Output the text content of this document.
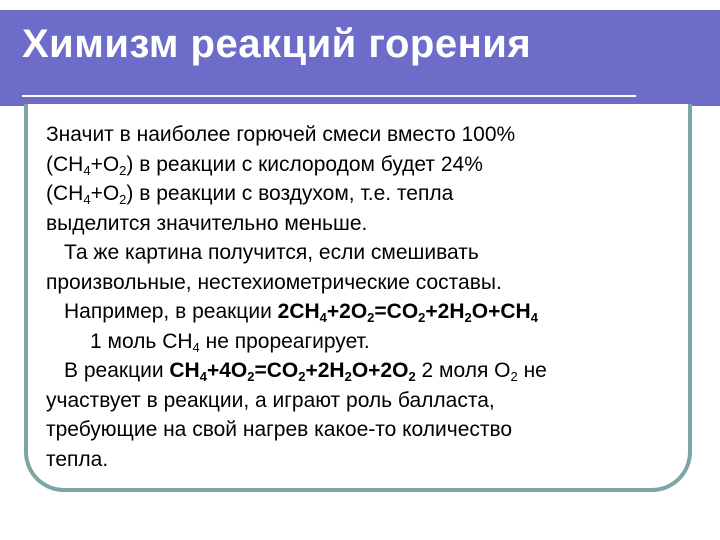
Химизм реакций горения
Значит в наиболее горючей смеси вместо 100%
$(СН_4+О_2)$ в реакции с кислородом будет 24%
$(СН_4+О_2)$ в реакции с воздухом, т.е. тепла
выделится значительно меньше.
Та же картина получится, если смешивать
произвольные, нестехиометрические составы.
Например, в реакции $2CH_4+2O_2=CO_2+2H_2O+CH_4$
1 моль $CH_4$ не прореагирует.
В реакции $CH_4+4O_2=CO_2+2H_2O+2O_2$ 2 моля $O_2$ не
участвует в реакции, а играют роль балласта,
требующие на свой нагрев какое-то количество
тепла.
